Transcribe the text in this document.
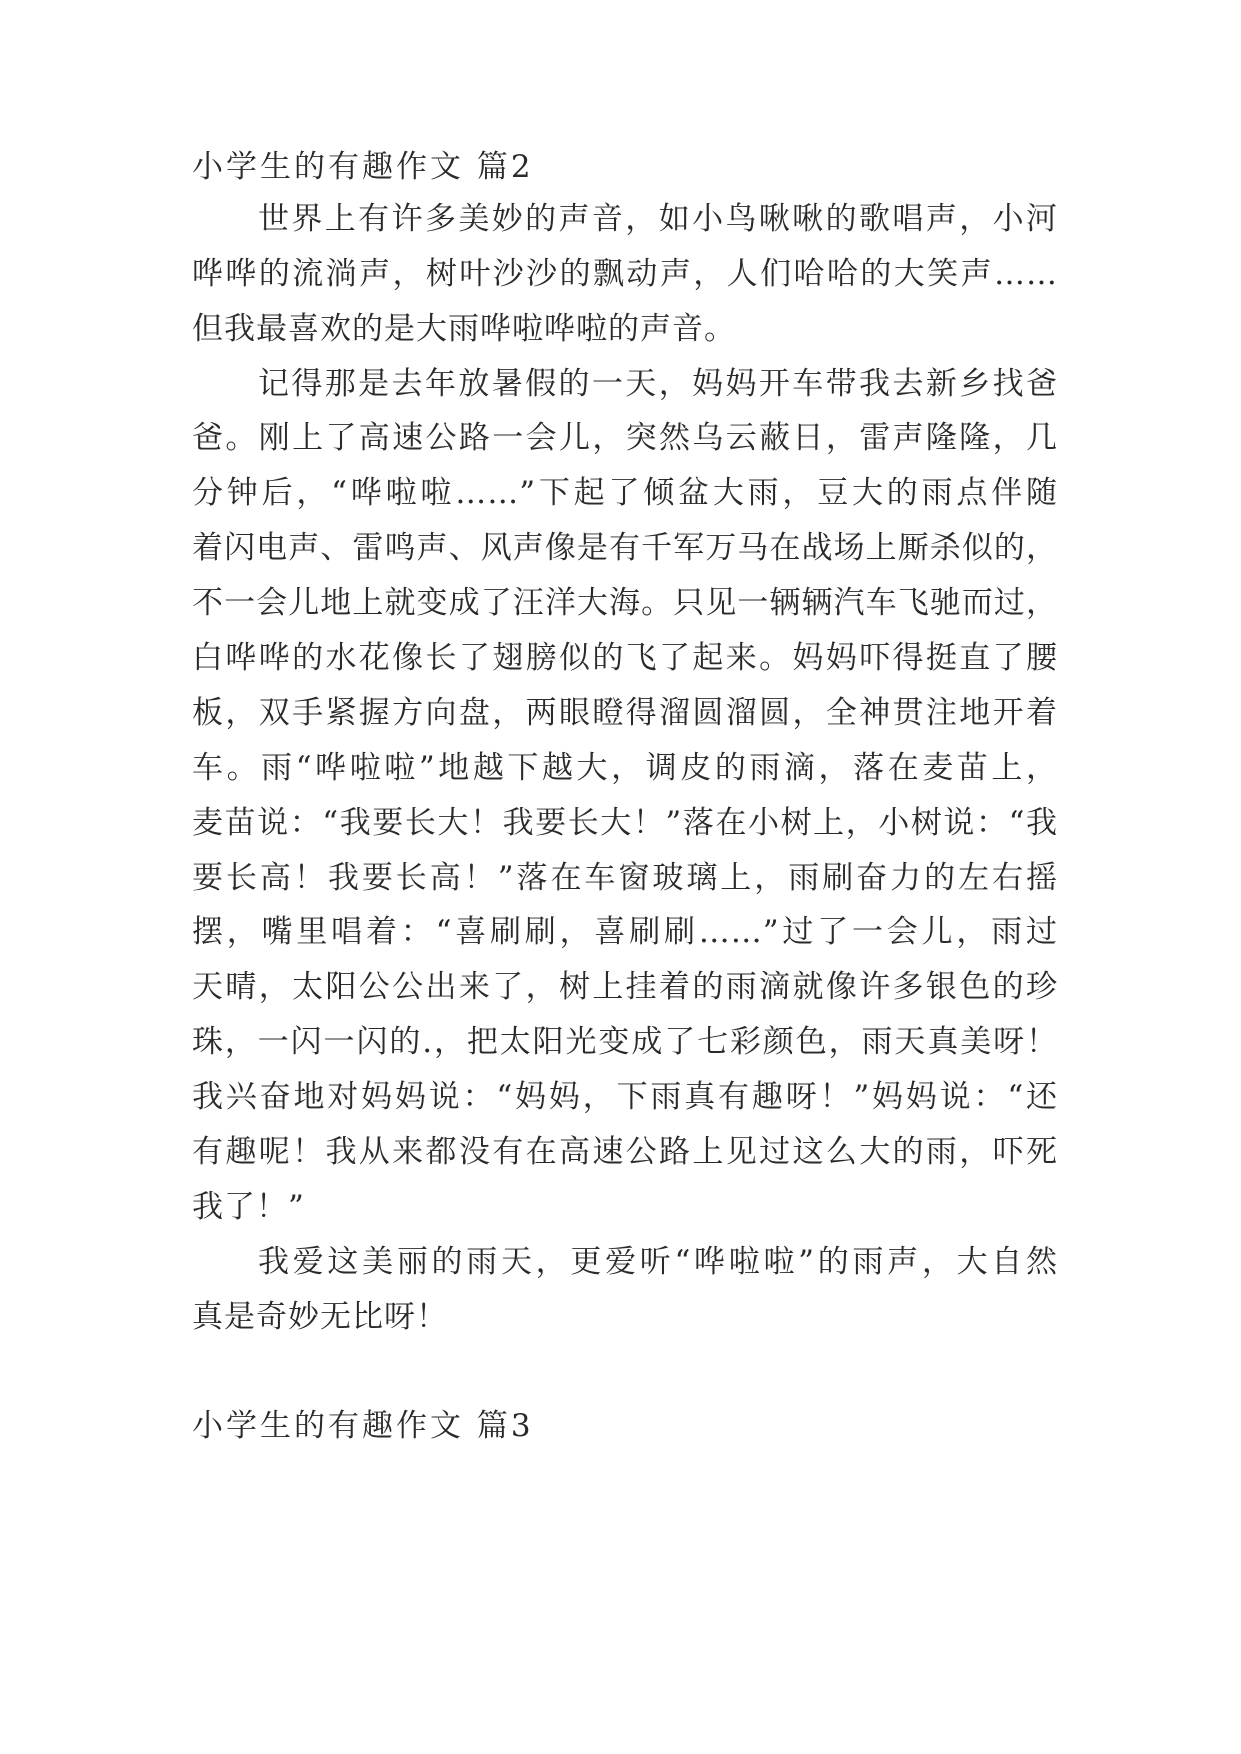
小学生的有趣作文 篇2
世界上有许多美妙的声音，如小鸟啾啾的歌唱声，小河
哗哗的流淌声，树叶沙沙的飘动声，人们哈哈的大笑声……
但我最喜欢的是大雨哗啦哗啦的声音。
记得那是去年放暑假的一天，妈妈开车带我去新乡找爸
爸。刚上了高速公路一会儿，突然乌云蔽日，雷声隆隆，几
分钟后，“哗啦啦……”下起了倾盆大雨，豆大的雨点伴随
着闪电声、雷鸣声、风声像是有千军万马在战场上厮杀似的，
不一会儿地上就变成了汪洋大海。只见一辆辆汽车飞驰而过，
白哗哗的水花像长了翅膀似的飞了起来。妈妈吓得挺直了腰
板，双手紧握方向盘，两眼瞪得溜圆溜圆，全神贯注地开着
车。雨“哗啦啦”地越下越大，调皮的雨滴，落在麦苗上，
麦苗说：“我要长大！我要长大！”落在小树上，小树说：“我
要长高！我要长高！”落在车窗玻璃上，雨刷奋力的左右摇
摆，嘴里唱着：“喜刷刷，喜刷刷……”过了一会儿，雨过
天晴，太阳公公出来了，树上挂着的雨滴就像许多银色的珍
珠，一闪一闪的.，把太阳光变成了七彩颜色，雨天真美呀！
我兴奋地对妈妈说：“妈妈，下雨真有趣呀！”妈妈说：“还
有趣呢！我从来都没有在高速公路上见过这么大的雨，吓死
我了！”
我爱这美丽的雨天，更爱听“哗啦啦”的雨声，大自然
真是奇妙无比呀！
小学生的有趣作文 篇3
